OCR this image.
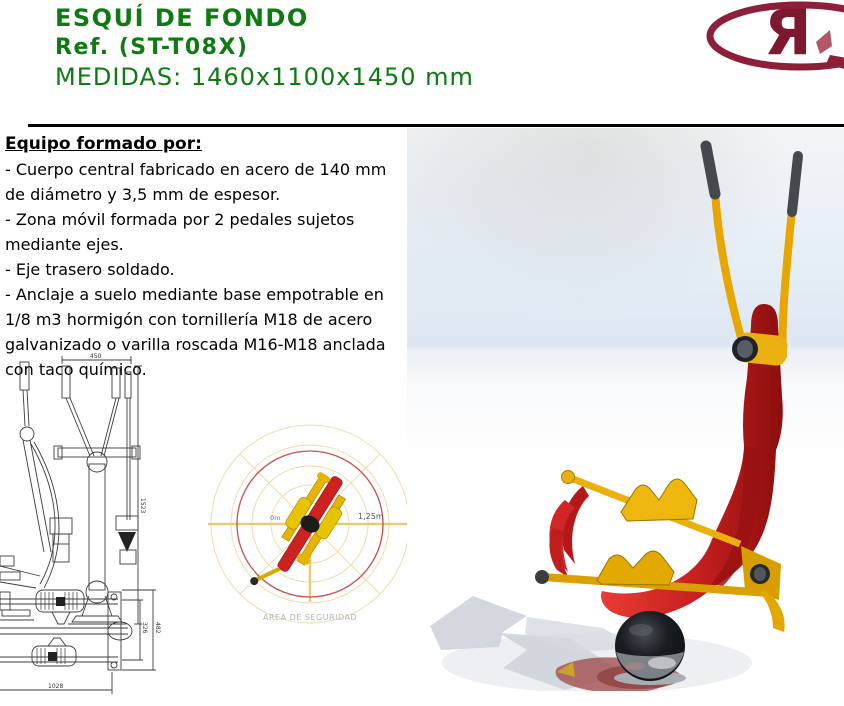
ESQUÍ DE FONDO
Ref. (ST-T08X)
MEDIDAS: 1460x1100x1450 mm
Я
Equipo formado por:
- Cuerpo central fabricado en acero de 140 mm de diámetro y 3,5 mm de espesor.
- Zona móvil formada por 2 pedales sujetos mediante ejes.
- Eje trasero soldado.
- Anclaje a suelo mediante base empotrable en 1/8 m3 hormigón con tornillería M18 de acero galvanizado o varilla roscada M16-M18 anclada con taco químico.
450
1523
326 482
1028
0m	1,25m
AREA DE SEGURIDAD
